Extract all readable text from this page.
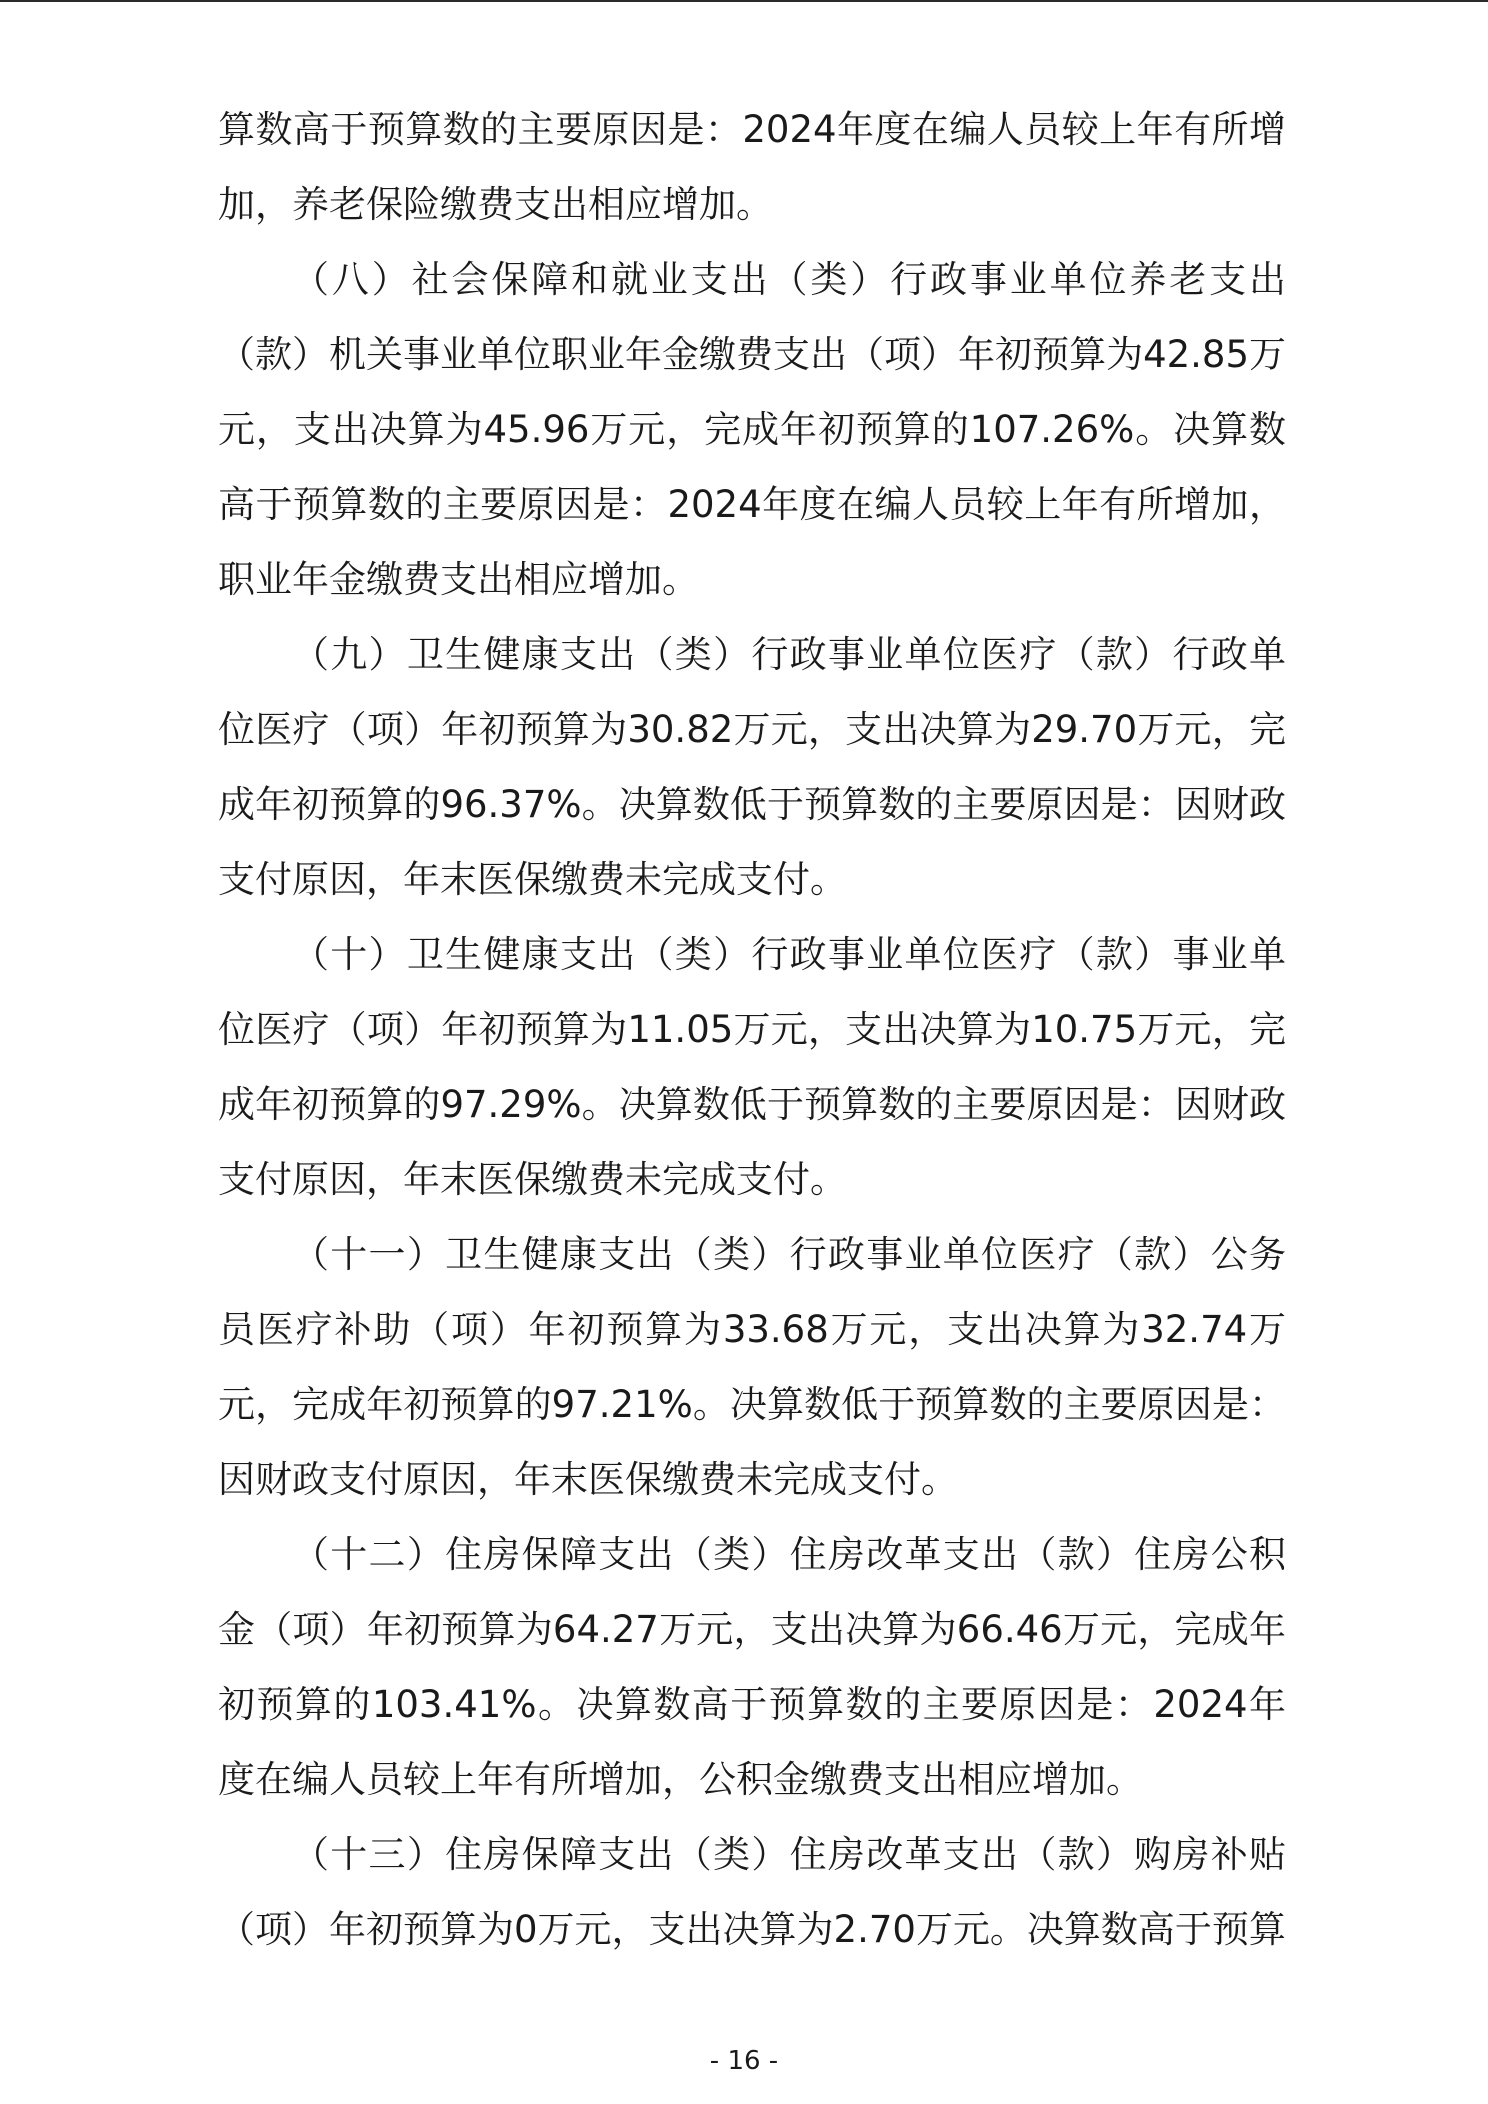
算数高于预算数的主要原因是：2024年度在编人员较上年有所增加，养老保险缴费支出相应增加。

（八）社会保障和就业支出（类）行政事业单位养老支出（款）机关事业单位职业年金缴费支出（项）年初预算为42.85万元，支出决算为45.96万元，完成年初预算的107.26%。决算数高于预算数的主要原因是：2024年度在编人员较上年有所增加，职业年金缴费支出相应增加。

（九）卫生健康支出（类）行政事业单位医疗（款）行政单位医疗（项）年初预算为30.82万元，支出决算为29.70万元，完成年初预算的96.37%。决算数低于预算数的主要原因是：因财政支付原因，年末医保缴费未完成支付。

（十）卫生健康支出（类）行政事业单位医疗（款）事业单位医疗（项）年初预算为11.05万元，支出决算为10.75万元，完成年初预算的97.29%。决算数低于预算数的主要原因是：因财政支付原因，年末医保缴费未完成支付。

（十一）卫生健康支出（类）行政事业单位医疗（款）公务员医疗补助（项）年初预算为33.68万元，支出决算为32.74万元，完成年初预算的97.21%。决算数低于预算数的主要原因是：因财政支付原因，年末医保缴费未完成支付。

（十二）住房保障支出（类）住房改革支出（款）住房公积金（项）年初预算为64.27万元，支出决算为66.46万元，完成年初预算的103.41%。决算数高于预算数的主要原因是：2024年度在编人员较上年有所增加，公积金缴费支出相应增加。

（十三）住房保障支出（类）住房改革支出（款）购房补贴（项）年初预算为0万元，支出决算为2.70万元。决算数高于预算

- 16 -
